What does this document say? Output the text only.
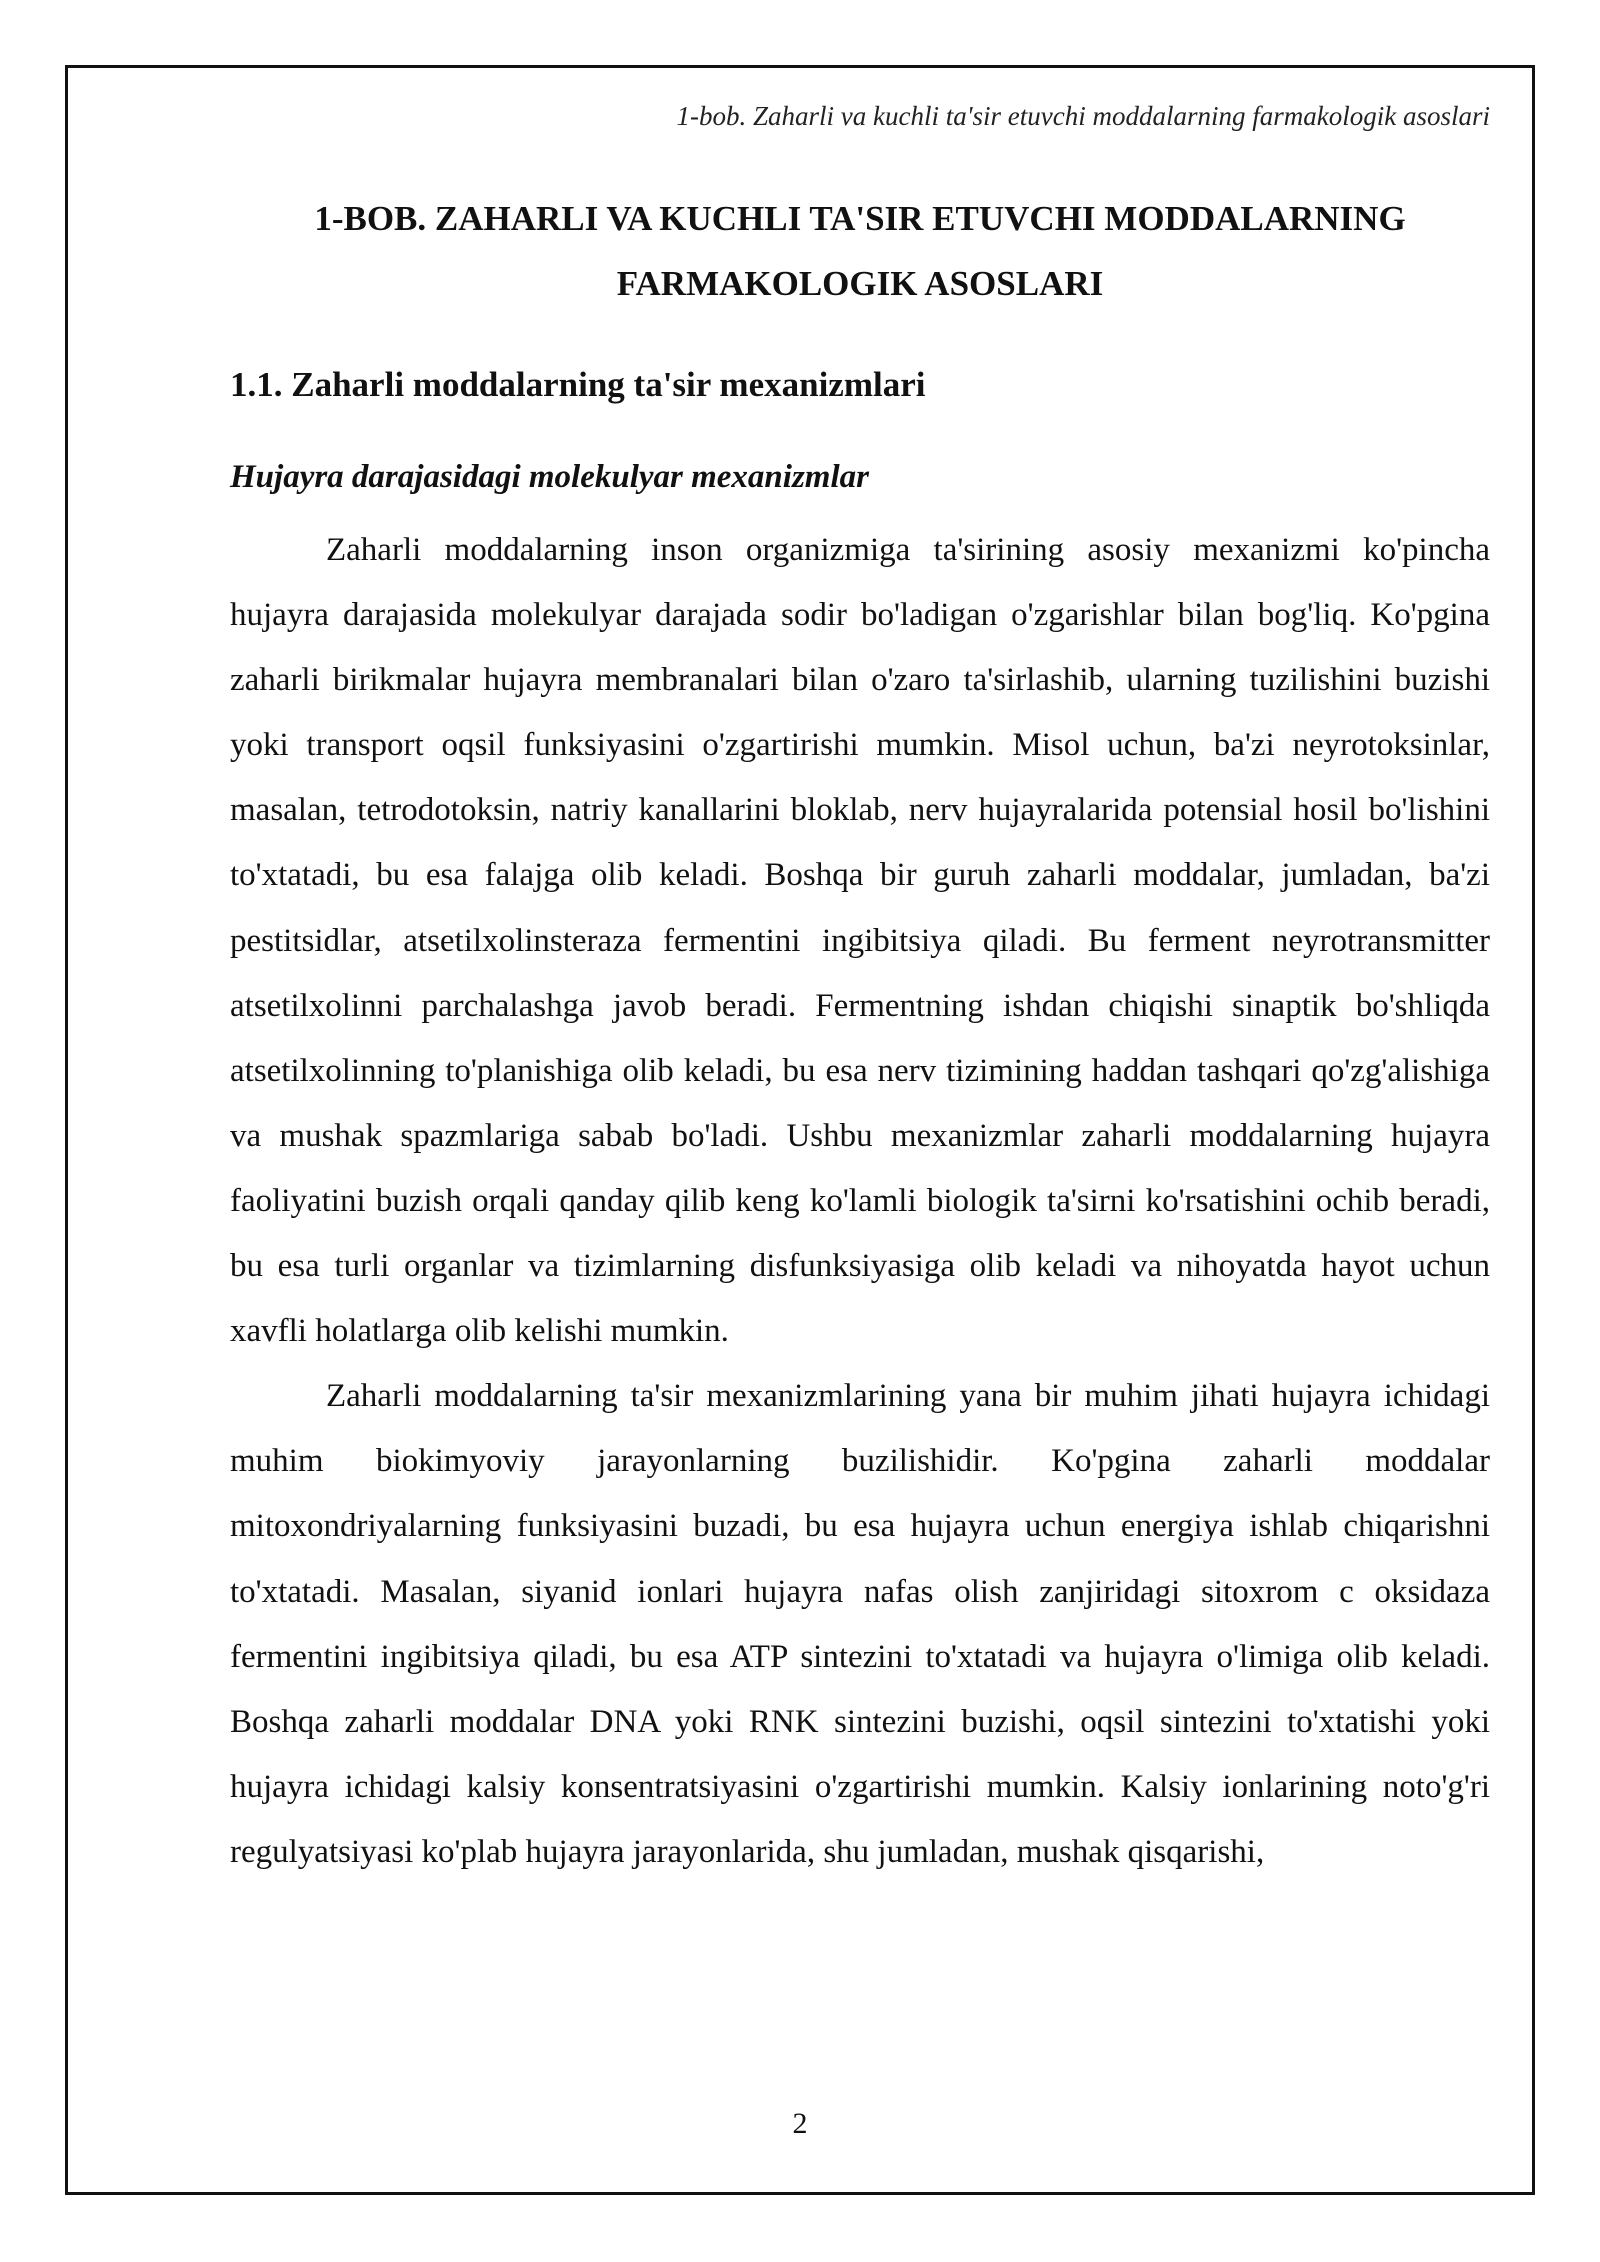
1-bob. Zaharli va kuchli ta'sir etuvchi moddalarning farmakologik asoslari
1-BOB. ZAHARLI VA KUCHLI TA'SIR ETUVCHI MODDALARNING FARMAKOLOGIK ASOSLARI
1.1. Zaharli moddalarning ta'sir mexanizmlari
Hujayra darajasidagi molekulyar mexanizmlar

Zaharli moddalarning inson organizmiga ta'sirining asosiy mexanizmi ko'pincha hujayra darajasida molekulyar darajada sodir bo'ladigan o'zgarishlar bilan bog'liq. Ko'pgina zaharli birikmalar hujayra membranalari bilan o'zaro ta'sirlashib, ularning tuzilishini buzishi yoki transport oqsil funksiyasini o'zgartirishi mumkin. Misol uchun, ba'zi neyrotoksinlar, masalan, tetrodotoksin, natriy kanallarini bloklab, nerv hujayralarida potensial hosil bo'lishini to'xtatadi, bu esa falajga olib keladi. Boshqa bir guruh zaharli moddalar, jumladan, ba'zi pestitsidlar, atsetilxolinsteraza fermentini ingibitsiya qiladi. Bu ferment neyrotransmitter atsetilxolinni parchalashga javob beradi. Fermentning ishdan chiqishi sinaptik bo'shliqda atsetilxolinning to'planishiga olib keladi, bu esa nerv tizimining haddan tashqari qo'zg'alishiga va mushak spazmlariga sabab bo'ladi. Ushbu mexanizmlar zaharli moddalarning hujayra faoliyatini buzish orqali qanday qilib keng ko'lamli biologik ta'sirni ko'rsatishini ochib beradi, bu esa turli organlar va tizimlarning disfunksiyasiga olib keladi va nihoyatda hayot uchun xavfli holatlarga olib kelishi mumkin.

Zaharli moddalarning ta'sir mexanizmlarining yana bir muhim jihati hujayra ichidagi muhim biokimyoviy jarayonlarning buzilishidir. Ko'pgina zaharli moddalar mitoxondriyalarning funksiyasini buzadi, bu esa hujayra uchun energiya ishlab chiqarishni to'xtatadi. Masalan, siyanid ionlari hujayra nafas olish zanjiridagi sitoxrom c oksidaza fermentini ingibitsiya qiladi, bu esa ATP sintezini to'xtatadi va hujayra o'limiga olib keladi. Boshqa zaharli moddalar DNA yoki RNK sintezini buzishi, oqsil sintezini to'xtatishi yoki hujayra ichidagi kalsiy konsentratsiyasini o'zgartirishi mumkin. Kalsiy ionlarining noto'g'ri regulyatsiyasi ko'plab hujayra jarayonlarida, shu jumladan, mushak qisqarishi,

2
